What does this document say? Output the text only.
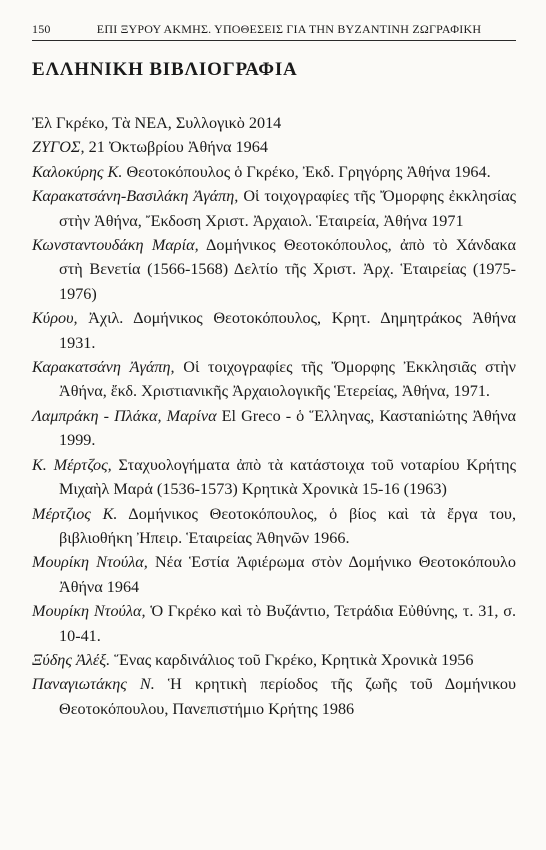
150	ΕΠΙ ΞΥΡΟΥ ΑΚΜΗΣ. ΥΠΟΘΕΣΕΙΣ ΓΙΑ ΤΗΝ ΒΥΖΑΝΤΙΝΗ ΖΩΓΡΑΦΙΚΗ
ΕΛΛΗΝΙΚΗ ΒΙΒΛΙΟΓΡΑΦΙΑ
Ἐλ Γκρέκο, Τὰ ΝΕΑ, Συλλογικὸ 2014
ΖΥΓΟΣ, 21 Ὀκτωβρίου Ἀθήνα 1964
Καλοκύρης Κ. Θεοτοκόπουλος ὁ Γκρέκο, Ἐκδ. Γρηγόρης Ἀθήνα 1964.
Καρακατσάνη-Βασιλάκη Ἀγάπη, Οἱ τοιχογραφίες τῆς Ὄμορφης ἐκκλησίας στὴν Ἀθήνα, Ἔκδοση Χριστ. Ἀρχαιολ. Ἑταιρεία, Ἀθήνα 1971
Κωνσταντουδάκη Μαρία, Δομήνικος Θεοτοκόπουλος, ἀπὸ τὸ Χάνδακα στὴ Βενετία (1566-1568) Δελτίο τῆς Χριστ. Ἀρχ. Ἑταιρείας (1975-1976)
Κύρου, Ἀχιλ. Δομήνικος Θεοτοκόπουλος, Κρητ. Δημητράκος Ἀθήνα 1931.
Καρακατσάνη Ἀγάπη, Οἱ τοιχογραφίες τῆς Ὄμορφης Ἐκκλησιᾶς στὴν Ἀθήνα, ἔκδ. Χριστιανικῆς Ἀρχαιολογικῆς Ἑτερείας, Ἀθήνα, 1971.
Λαμπράκη - Πλάκα, Μαρίνα El Greco - ὁ Ἕλληνας, Κασταniώτης Ἀθήνα 1999.
Κ. Μέρτζος, Σταχυολογήματα ἀπὸ τὰ κατάστοιχα τοῦ νοταρίου Κρήτης Μιχαὴλ Μαρά (1536-1573) Κρητικὰ Χρονικὰ 15-16 (1963)
Μέρτζιος Κ. Δομήνικος Θεοτοκόπουλος, ὁ βίος καὶ τὰ ἔργα του, βιβλιοθήκη Ἠπειρ. Ἑταιρείας Ἀθηνῶν 1966.
Μουρίκη Ντούλα, Νέα Ἑστία Ἀφιέρωμα στὸν Δομήνικο Θεοτοκόπουλο Ἀθήνα 1964
Μουρίκη Ντούλα, Ὁ Γκρέκο καὶ τὸ Βυζάντιο, Τετράδια Εὐθύνης, τ. 31, σ. 10-41.
Ξύδης Ἀλέξ. Ἕνας καρδινάλιος τοῦ Γκρέκο, Κρητικὰ Χρονικὰ 1956
Παναγιωτάκης Ν. Ἡ κρητικὴ περίοδος τῆς ζωῆς τοῦ Δομήνικου Θεοτοκόπουλου, Πανεπιστήμιο Κρήτης 1986
